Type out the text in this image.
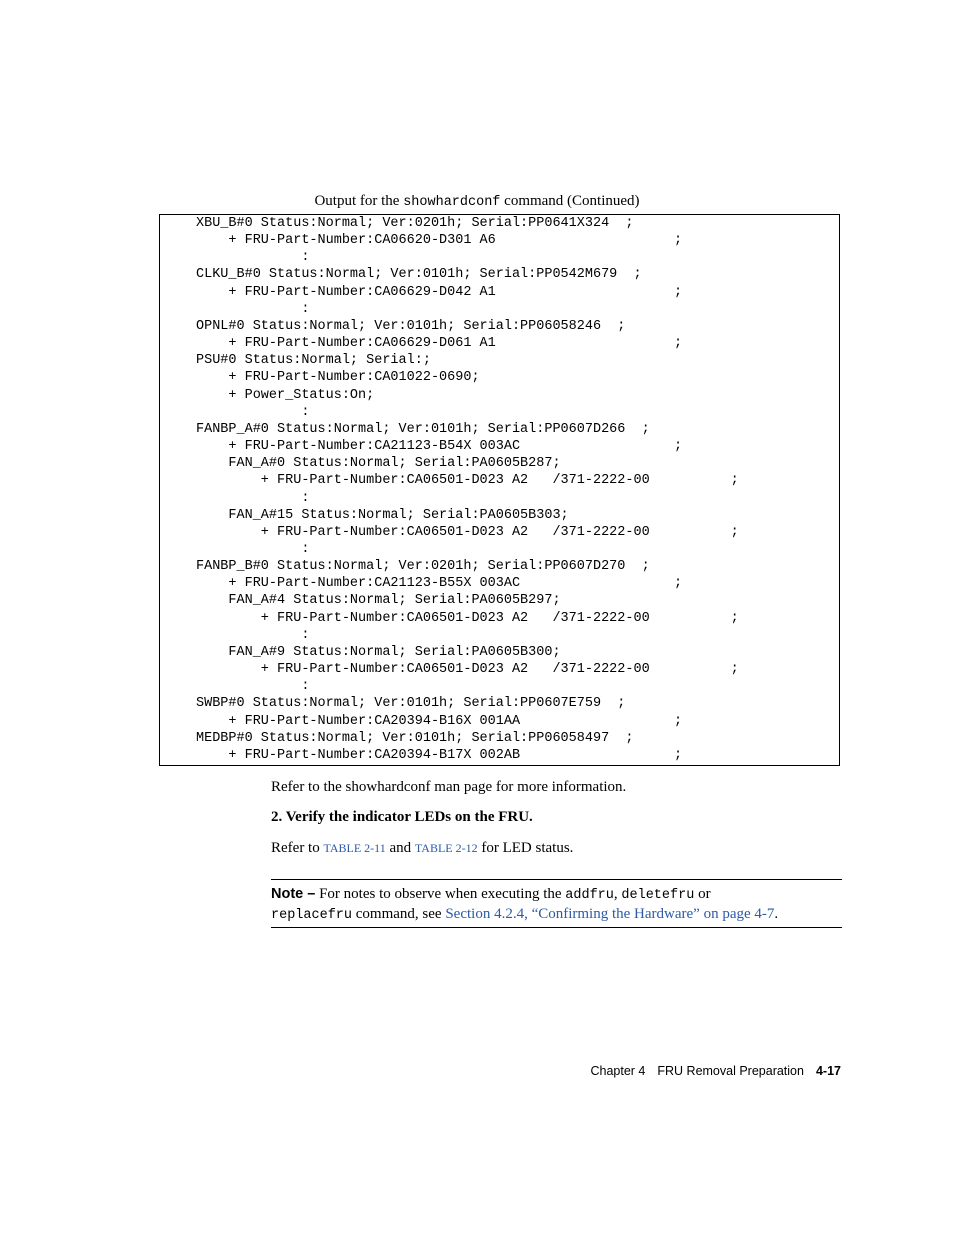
Output for the showhardconf command (Continued)
XBU_B#0 Status:Normal; Ver:0201h; Serial:PP0641X324  ;
+ FRU-Part-Number:CA06620-D301 A6                      ;
:
CLKU_B#0 Status:Normal; Ver:0101h; Serial:PP0542M679  ;
+ FRU-Part-Number:CA06629-D042 A1                      ;
:
OPNL#0 Status:Normal; Ver:0101h; Serial:PP06058246  ;
+ FRU-Part-Number:CA06629-D061 A1                      ;
PSU#0 Status:Normal; Serial:;
+ FRU-Part-Number:CA01022-0690;
+ Power_Status:On;
:
FANBP_A#0 Status:Normal; Ver:0101h; Serial:PP0607D266  ;
+ FRU-Part-Number:CA21123-B54X 003AC                   ;
FAN_A#0 Status:Normal; Serial:PA0605B287;
+ FRU-Part-Number:CA06501-D023 A2   /371-2222-00          ;
:
FAN_A#15 Status:Normal; Serial:PA0605B303;
+ FRU-Part-Number:CA06501-D023 A2   /371-2222-00          ;
:
FANBP_B#0 Status:Normal; Ver:0201h; Serial:PP0607D270  ;
+ FRU-Part-Number:CA21123-B55X 003AC                   ;
FAN_A#4 Status:Normal; Serial:PA0605B297;
+ FRU-Part-Number:CA06501-D023 A2   /371-2222-00          ;
:
FAN_A#9 Status:Normal; Serial:PA0605B300;
+ FRU-Part-Number:CA06501-D023 A2   /371-2222-00          ;
:
SWBP#0 Status:Normal; Ver:0101h; Serial:PP0607E759  ;
+ FRU-Part-Number:CA20394-B16X 001AA                   ;
MEDBP#0 Status:Normal; Ver:0101h; Serial:PP06058497  ;
+ FRU-Part-Number:CA20394-B17X 002AB                   ;
Refer to the showhardconf man page for more information.
2. Verify the indicator LEDs on the FRU.
Refer to TABLE 2-11 and TABLE 2-12 for LED status.
Note – For notes to observe when executing the addfru, deletefru or
replacefru command, see Section 4.2.4, “Confirming the Hardware” on page 4-7.
Chapter 4 FRU Removal Preparation 4-17
